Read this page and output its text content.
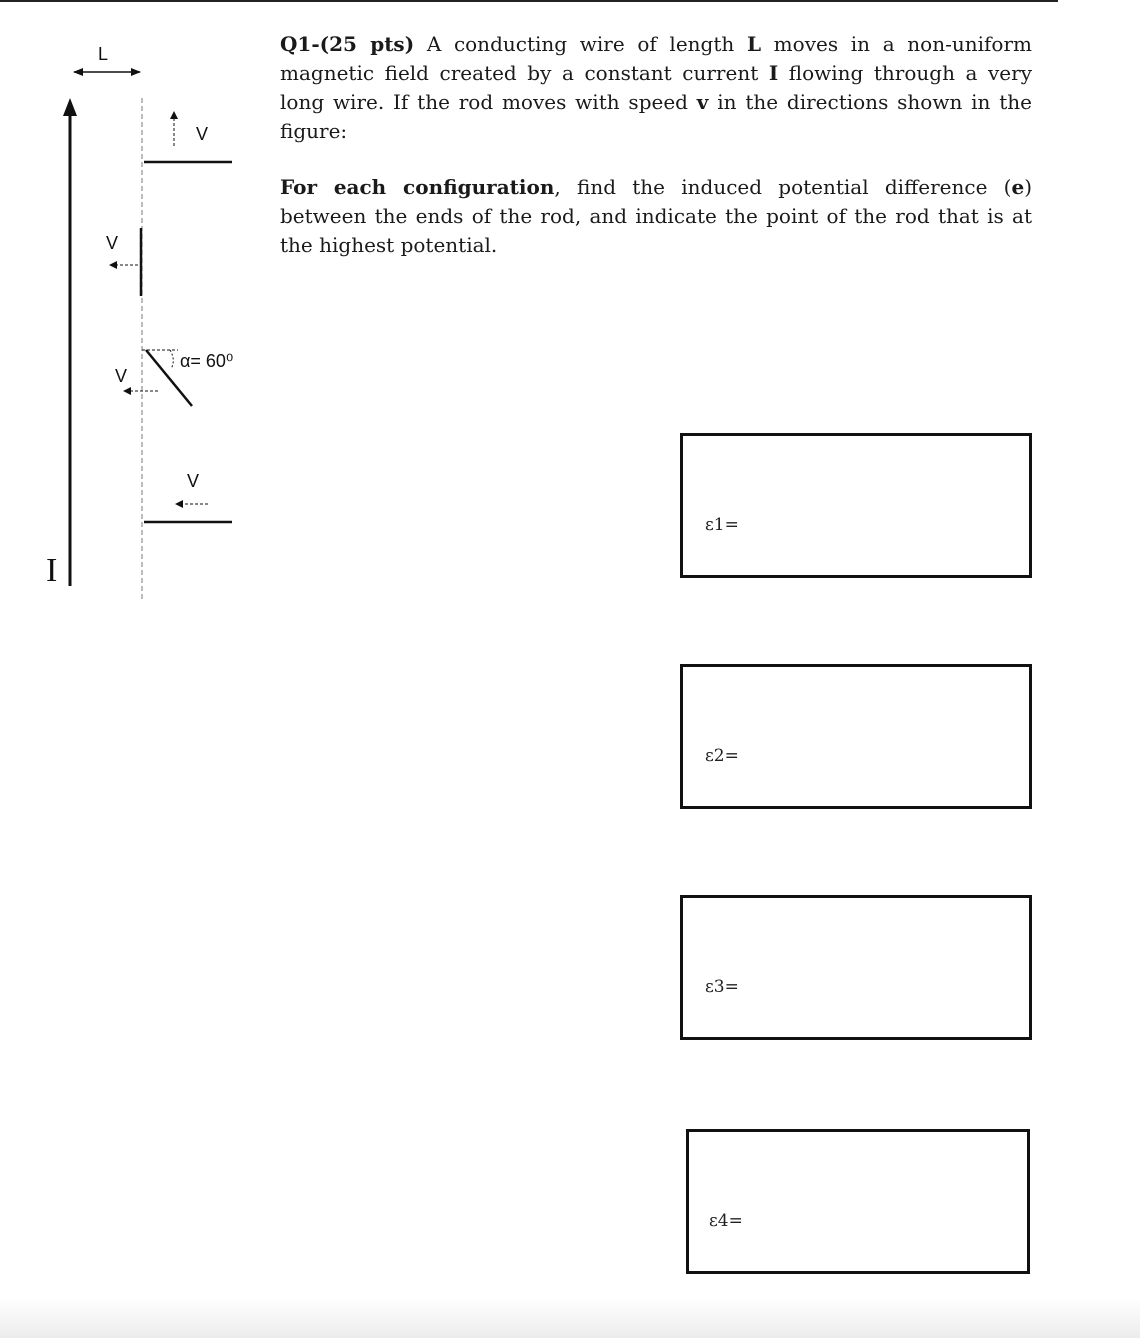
I
L
V
V
α= 60⁰
V
V

Q1-(25 pts) A conducting wire of length L moves in a non-uniform magnetic field created by a constant current I flowing through a very long wire. If the rod moves with speed v in the directions shown in the figure:

For each configuration, find the induced potential difference (e) between the ends of the rod, and indicate the point of the rod that is at the highest potential.

ε1=
ε2=
ε3=
ε4=
